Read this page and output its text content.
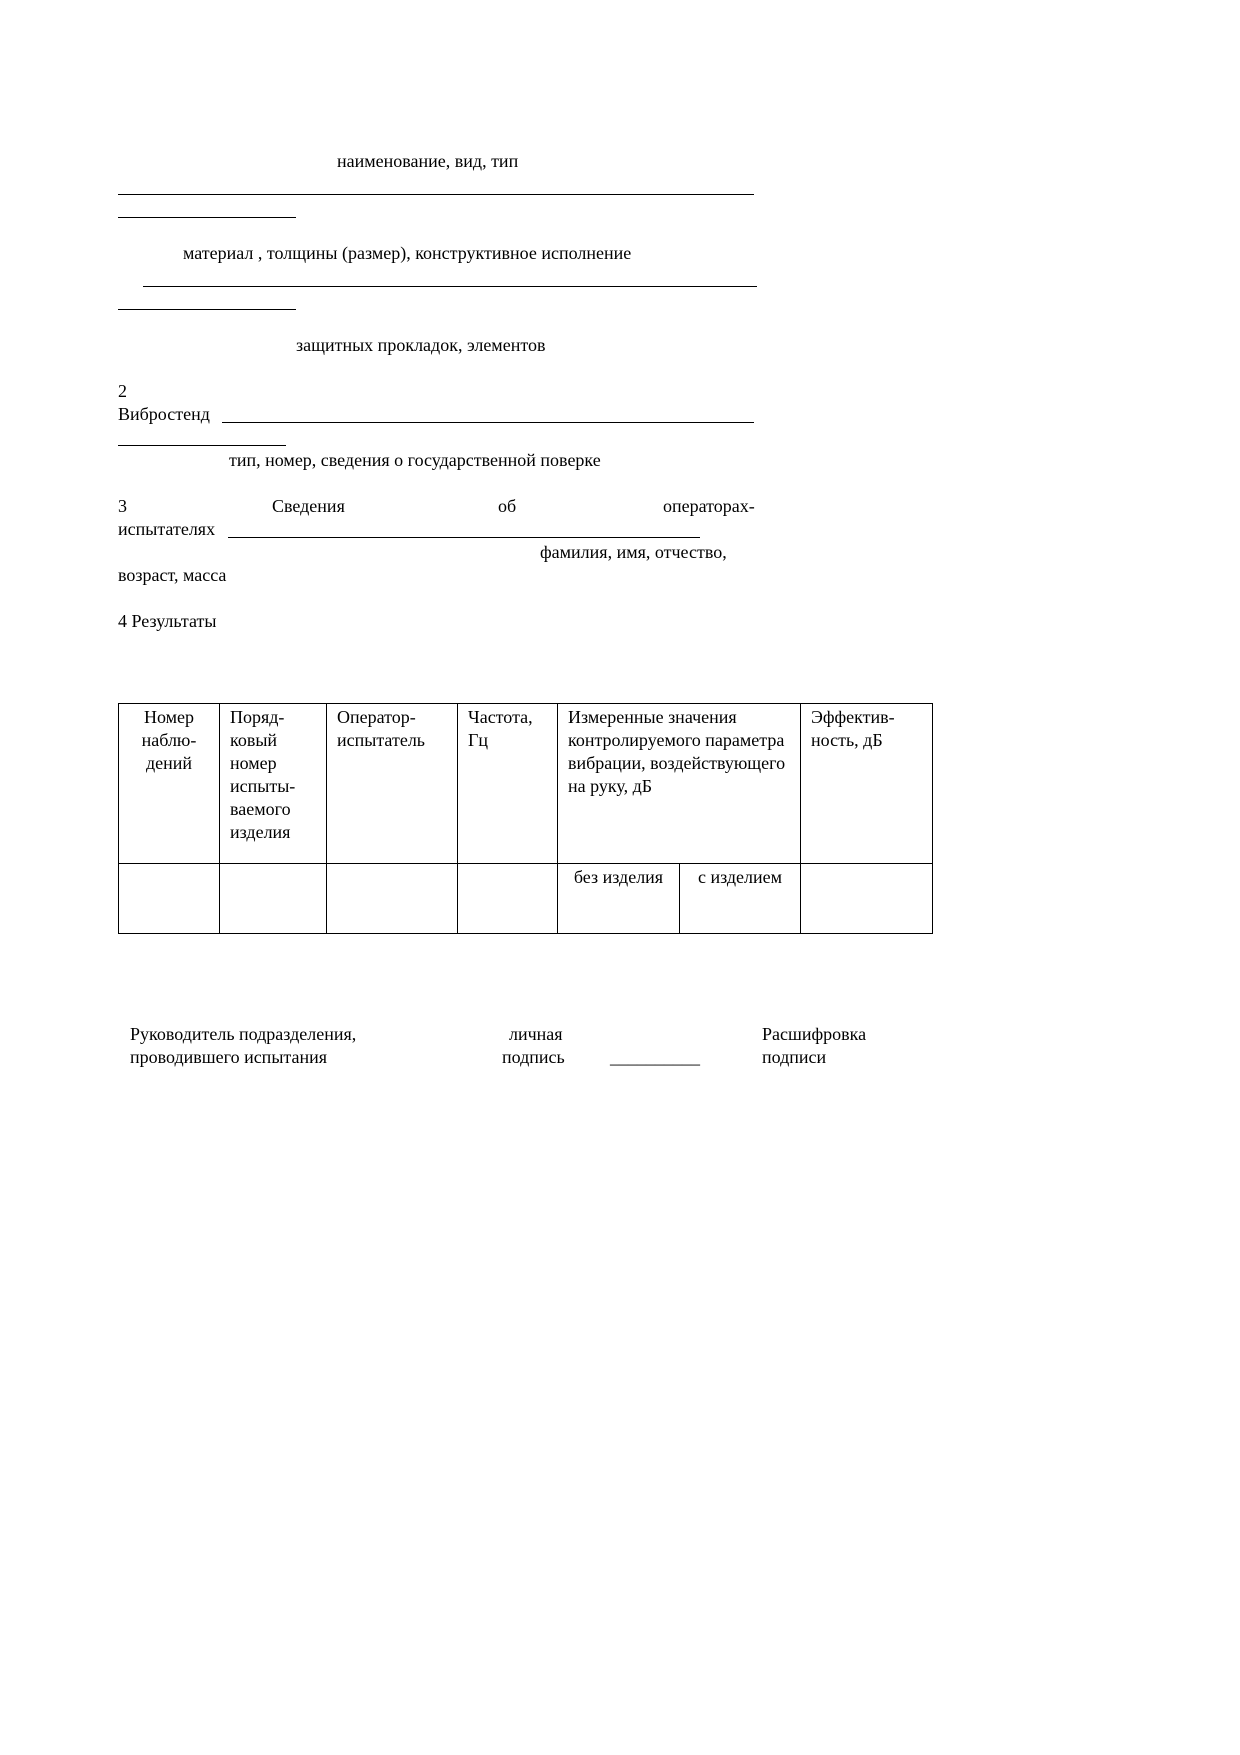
наименование, вид, тип
материал , толщины (размер), конструктивное исполнение
защитных прокладок, элементов
2
Вибростенд
тип, номер, сведения о государственной поверке
3	Сведения	об	операторах-
испытателях
фамилия, имя, отчество,
возраст, масса
4 Результаты
Номер наблю-дений	Поряд-ковый номер испыты-ваемого изделия	Оператор-испытатель	Частота, Гц	Измеренные значения контролируемого параметра вибрации, воздействующего на руку, дБ		Эффектив-ность, дБ
				без изделия	с изделием	
Руководитель подразделения,
проводившего испытания
личная
подпись	__________
Расшифровка
подписи
